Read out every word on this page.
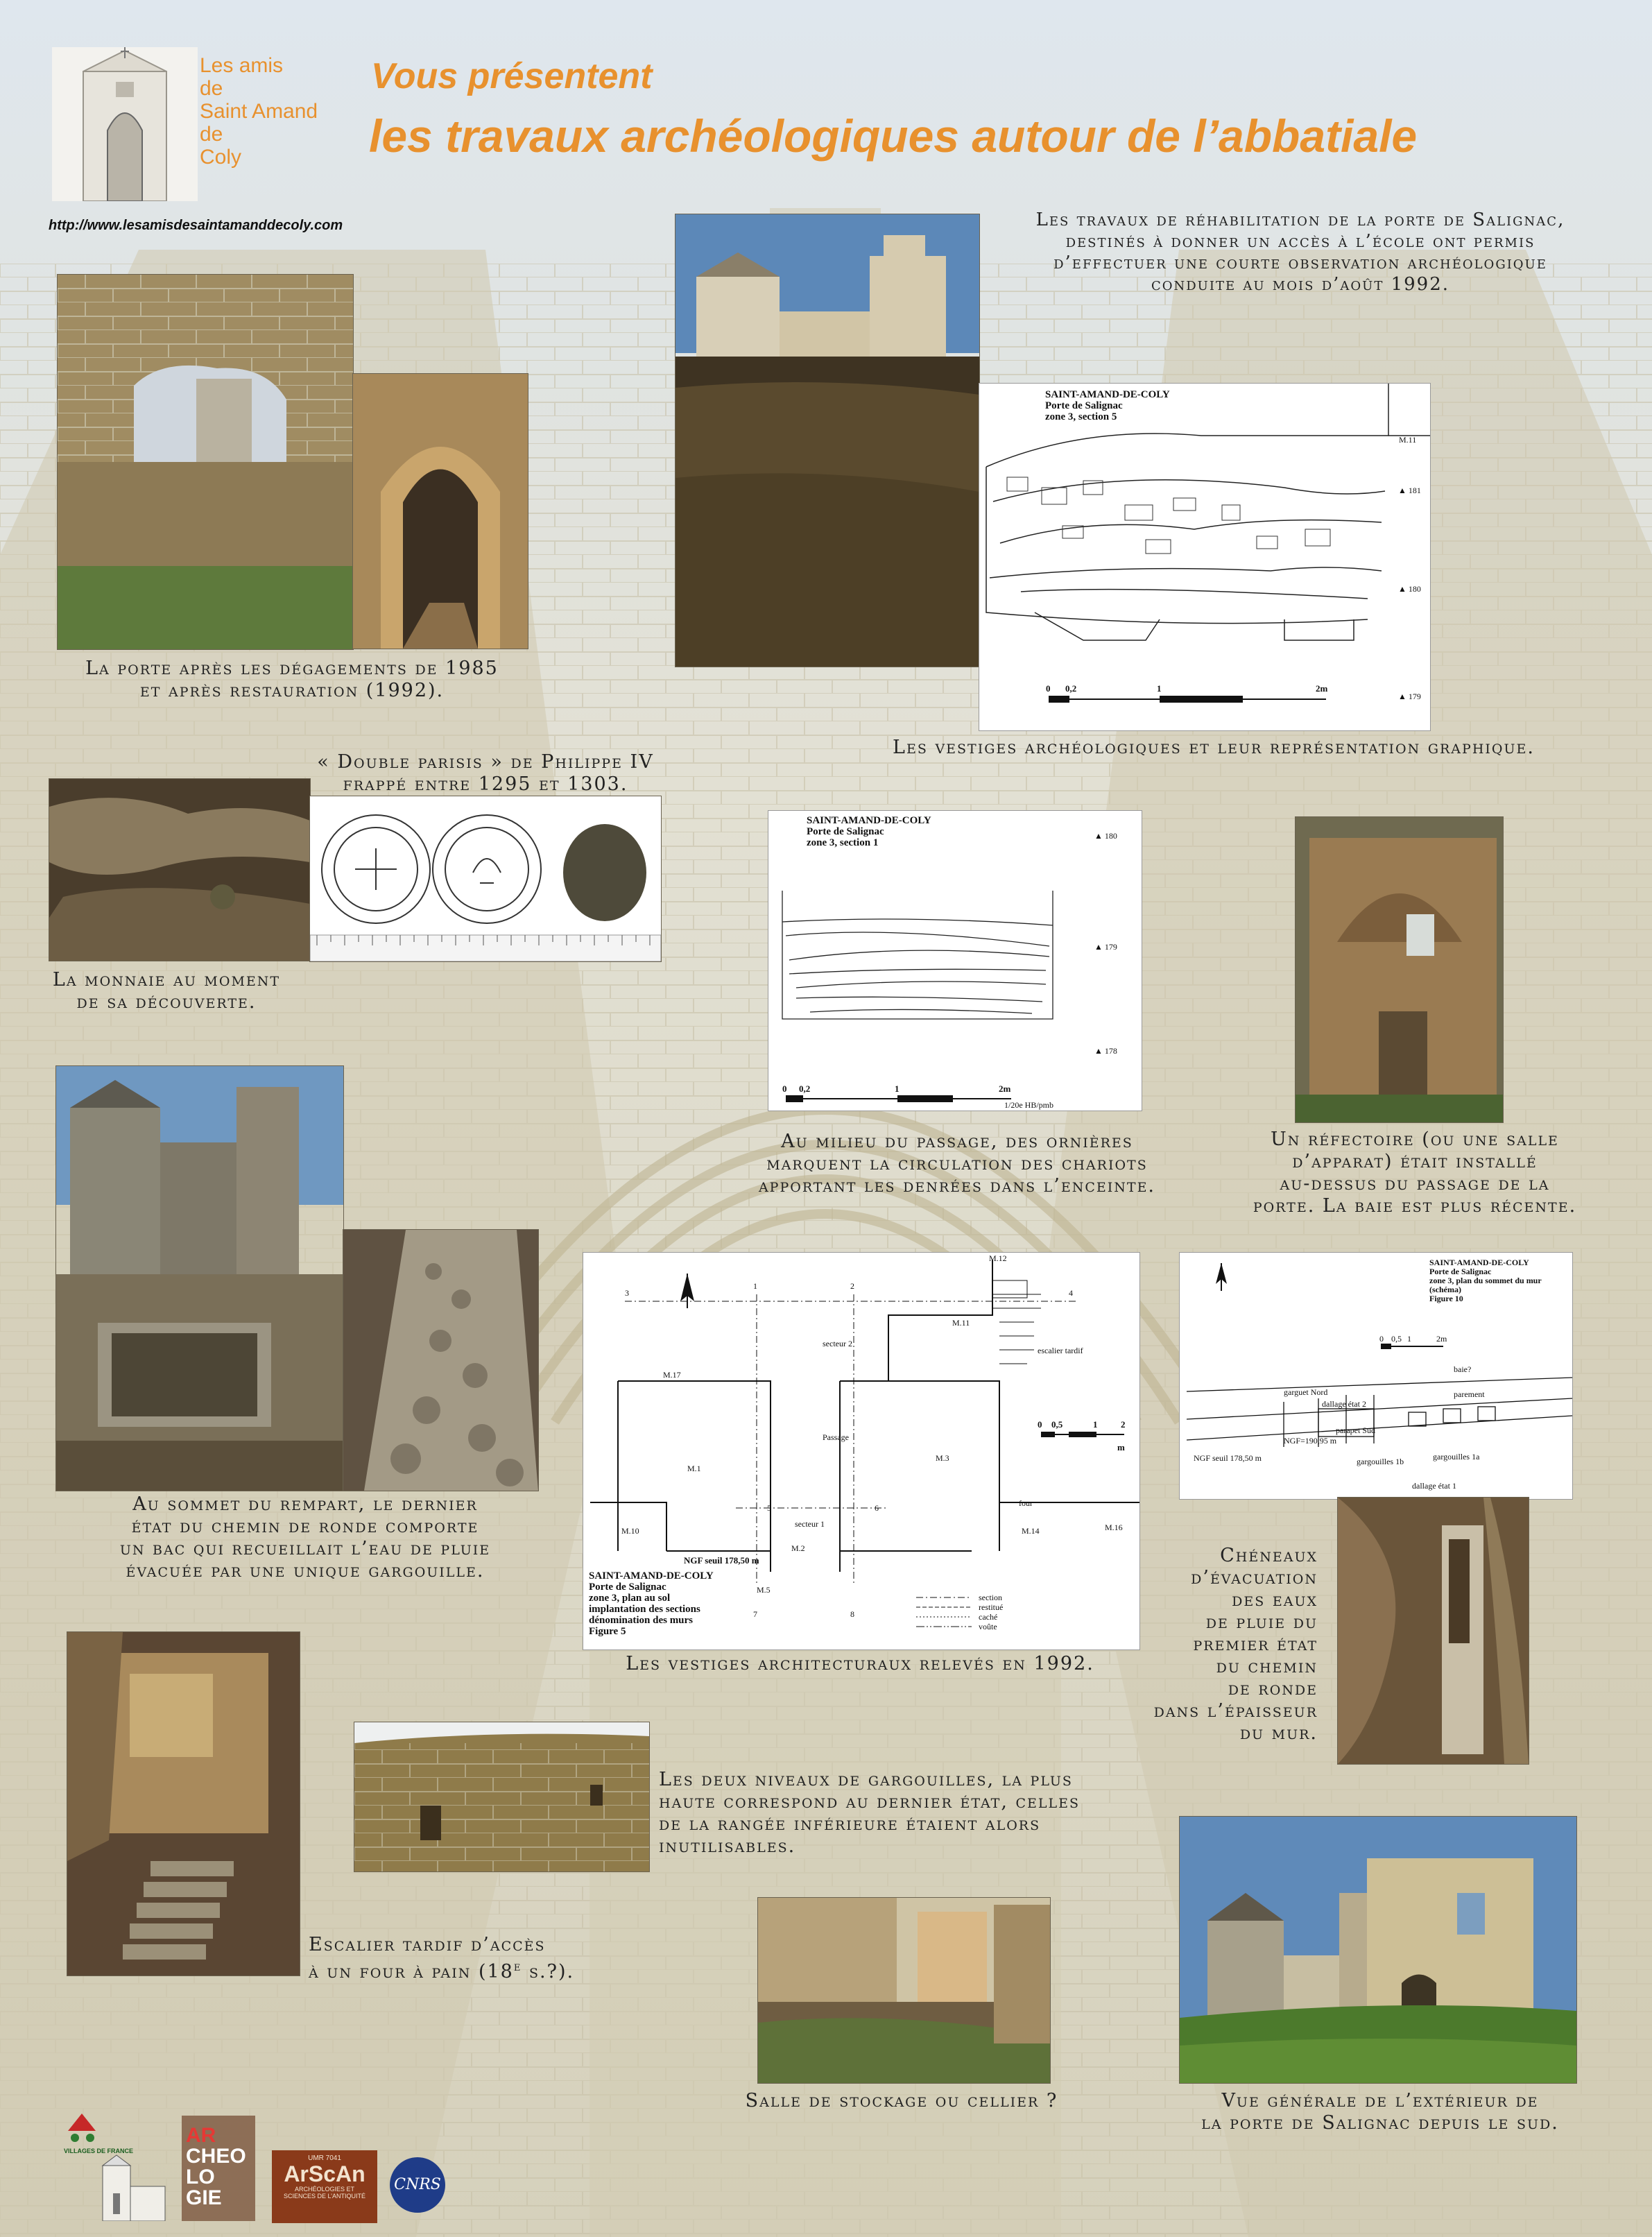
Les amis
de
Saint Amand
de
Coly
Vous présentent
les travaux archéologiques autour de l’abbatiale
http://www.lesamisdesaintamanddecoly.com
La porte après les dégagements de 1985
et après restauration (1992).
Les travaux de réhabilitation de la porte de Salignac,
destinés à donner un accès à l’école ont permis
d’effectuer une courte observation archéologique
conduite au mois d’août 1992.
SAINT-AMAND-DE-COLY
Porte de Salignac
zone 3, section 5
0 0,2	1	2m
M.11
▲ 181
▲ 180
▲ 179
Les vestiges archéologiques et leur représentation graphique.
« Double parisis » de Philippe IV
frappé entre 1295 et 1303.
La monnaie au moment
de sa découverte.
SAINT-AMAND-DE-COLY
Porte de Salignac
zone 3, section 1
0 0,2	1	2m
1/20e HB/pmb
▲ 180
▲ 179
▲ 178
Au milieu du passage, des ornières
marquent la circulation des chariots
apportant les denrées dans l’enceinte.
Un réfectoire (ou une salle
d’apparat) était installé
au-dessus du passage de la
porte. La baie est plus récente.
Au sommet du rempart, le dernier
état du chemin de ronde comporte
un bac qui recueillait l’eau de pluie
évacuée par une unique gargouille.
M.12
M.11
M.17
M.1
M.3
M.10
M.2
M.14	M.16
M.5
secteur 2
escalier tardif
Passage
secteur 1
four
NGF seuil 178,50 m
1	2
3	4
5	6
7	8
0 0,5	1	2
m
section
restitué
caché
voûte
SAINT-AMAND-DE-COLY
Porte de Salignac
zone 3, plan au sol
implantation des sections
dénomination des murs
Figure 5
Les vestiges architecturaux relevés en 1992.
SAINT-AMAND-DE-COLY
Porte de Salignac
zone 3, plan du sommet du mur
(schéma)
Figure 10
0 0,5 1	2m
baie?
parement
gargouilles 1b	gargouilles 1a
garguet Nord
dallage état 2
parapet Sud
dallage état 1
NGF seuil 178,50 m
NGF=190,95 m
Chéneaux
d’évacuation
des eaux
de pluie du
premier état
du chemin
de ronde
dans l’épaisseur
du mur.
Les deux niveaux de gargouilles, la plus
haute correspond au dernier état, celles
de la rangée inférieure étaient alors
inutilisables.
Escalier tardif d’accès
à un four à pain (18e s.?).
Salle de stockage ou cellier ?	Vue générale de l’extérieur de
la porte de Salignac depuis le sud.
VILLAGES DE FRANCE
AR
CHEO
LO
GIE
UMR 7041
ArScAn
ARCHÉOLOGIES ET
SCIENCES DE L’ANTIQUITÉ
CNRS
